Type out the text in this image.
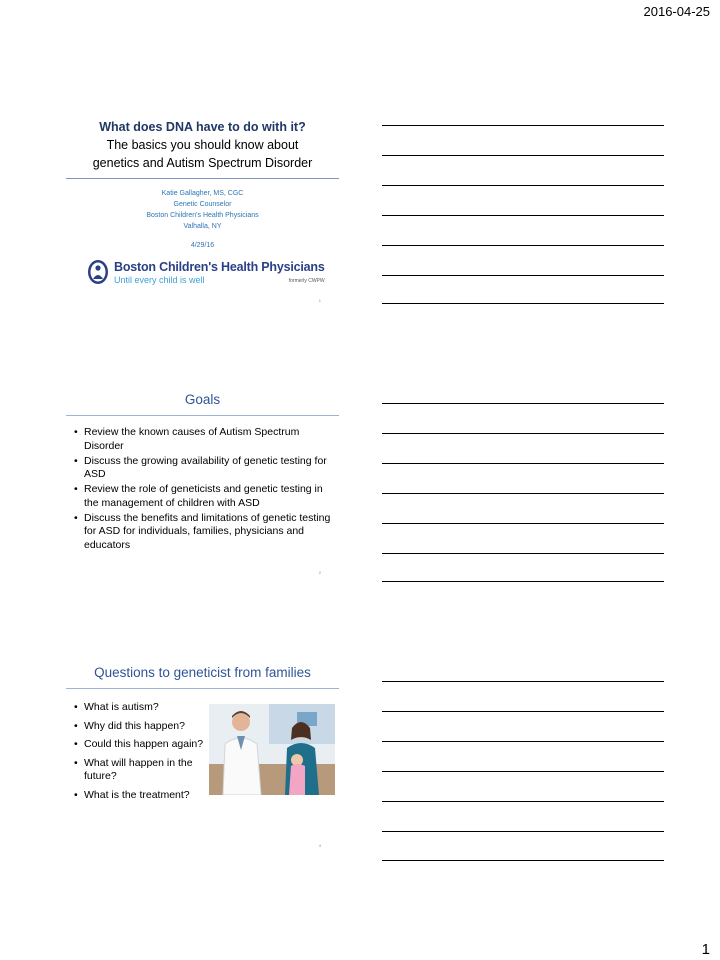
2016-04-25
What does DNA have to do with it?
The basics you should know about genetics and Autism Spectrum Disorder
Katie Gallagher, MS, CGC
Genetic Counselor
Boston Children's Health Physicians
Valhalla, NY
4/29/16
Boston Children's Health Physicians
Until every child is well	formerly CWPW
1
Goals
• Review the known causes of Autism Spectrum Disorder
• Discuss the growing availability of genetic testing for ASD
• Review the role of geneticists and genetic testing in the management of children with ASD
• Discuss the benefits and limitations of genetic testing for ASD for individuals, families, physicians and educators
2
Questions to geneticist from families
• What is autism?
• Why did this happen?
• Could this happen again?
• What will happen in the future?
• What is the treatment?
4
1
